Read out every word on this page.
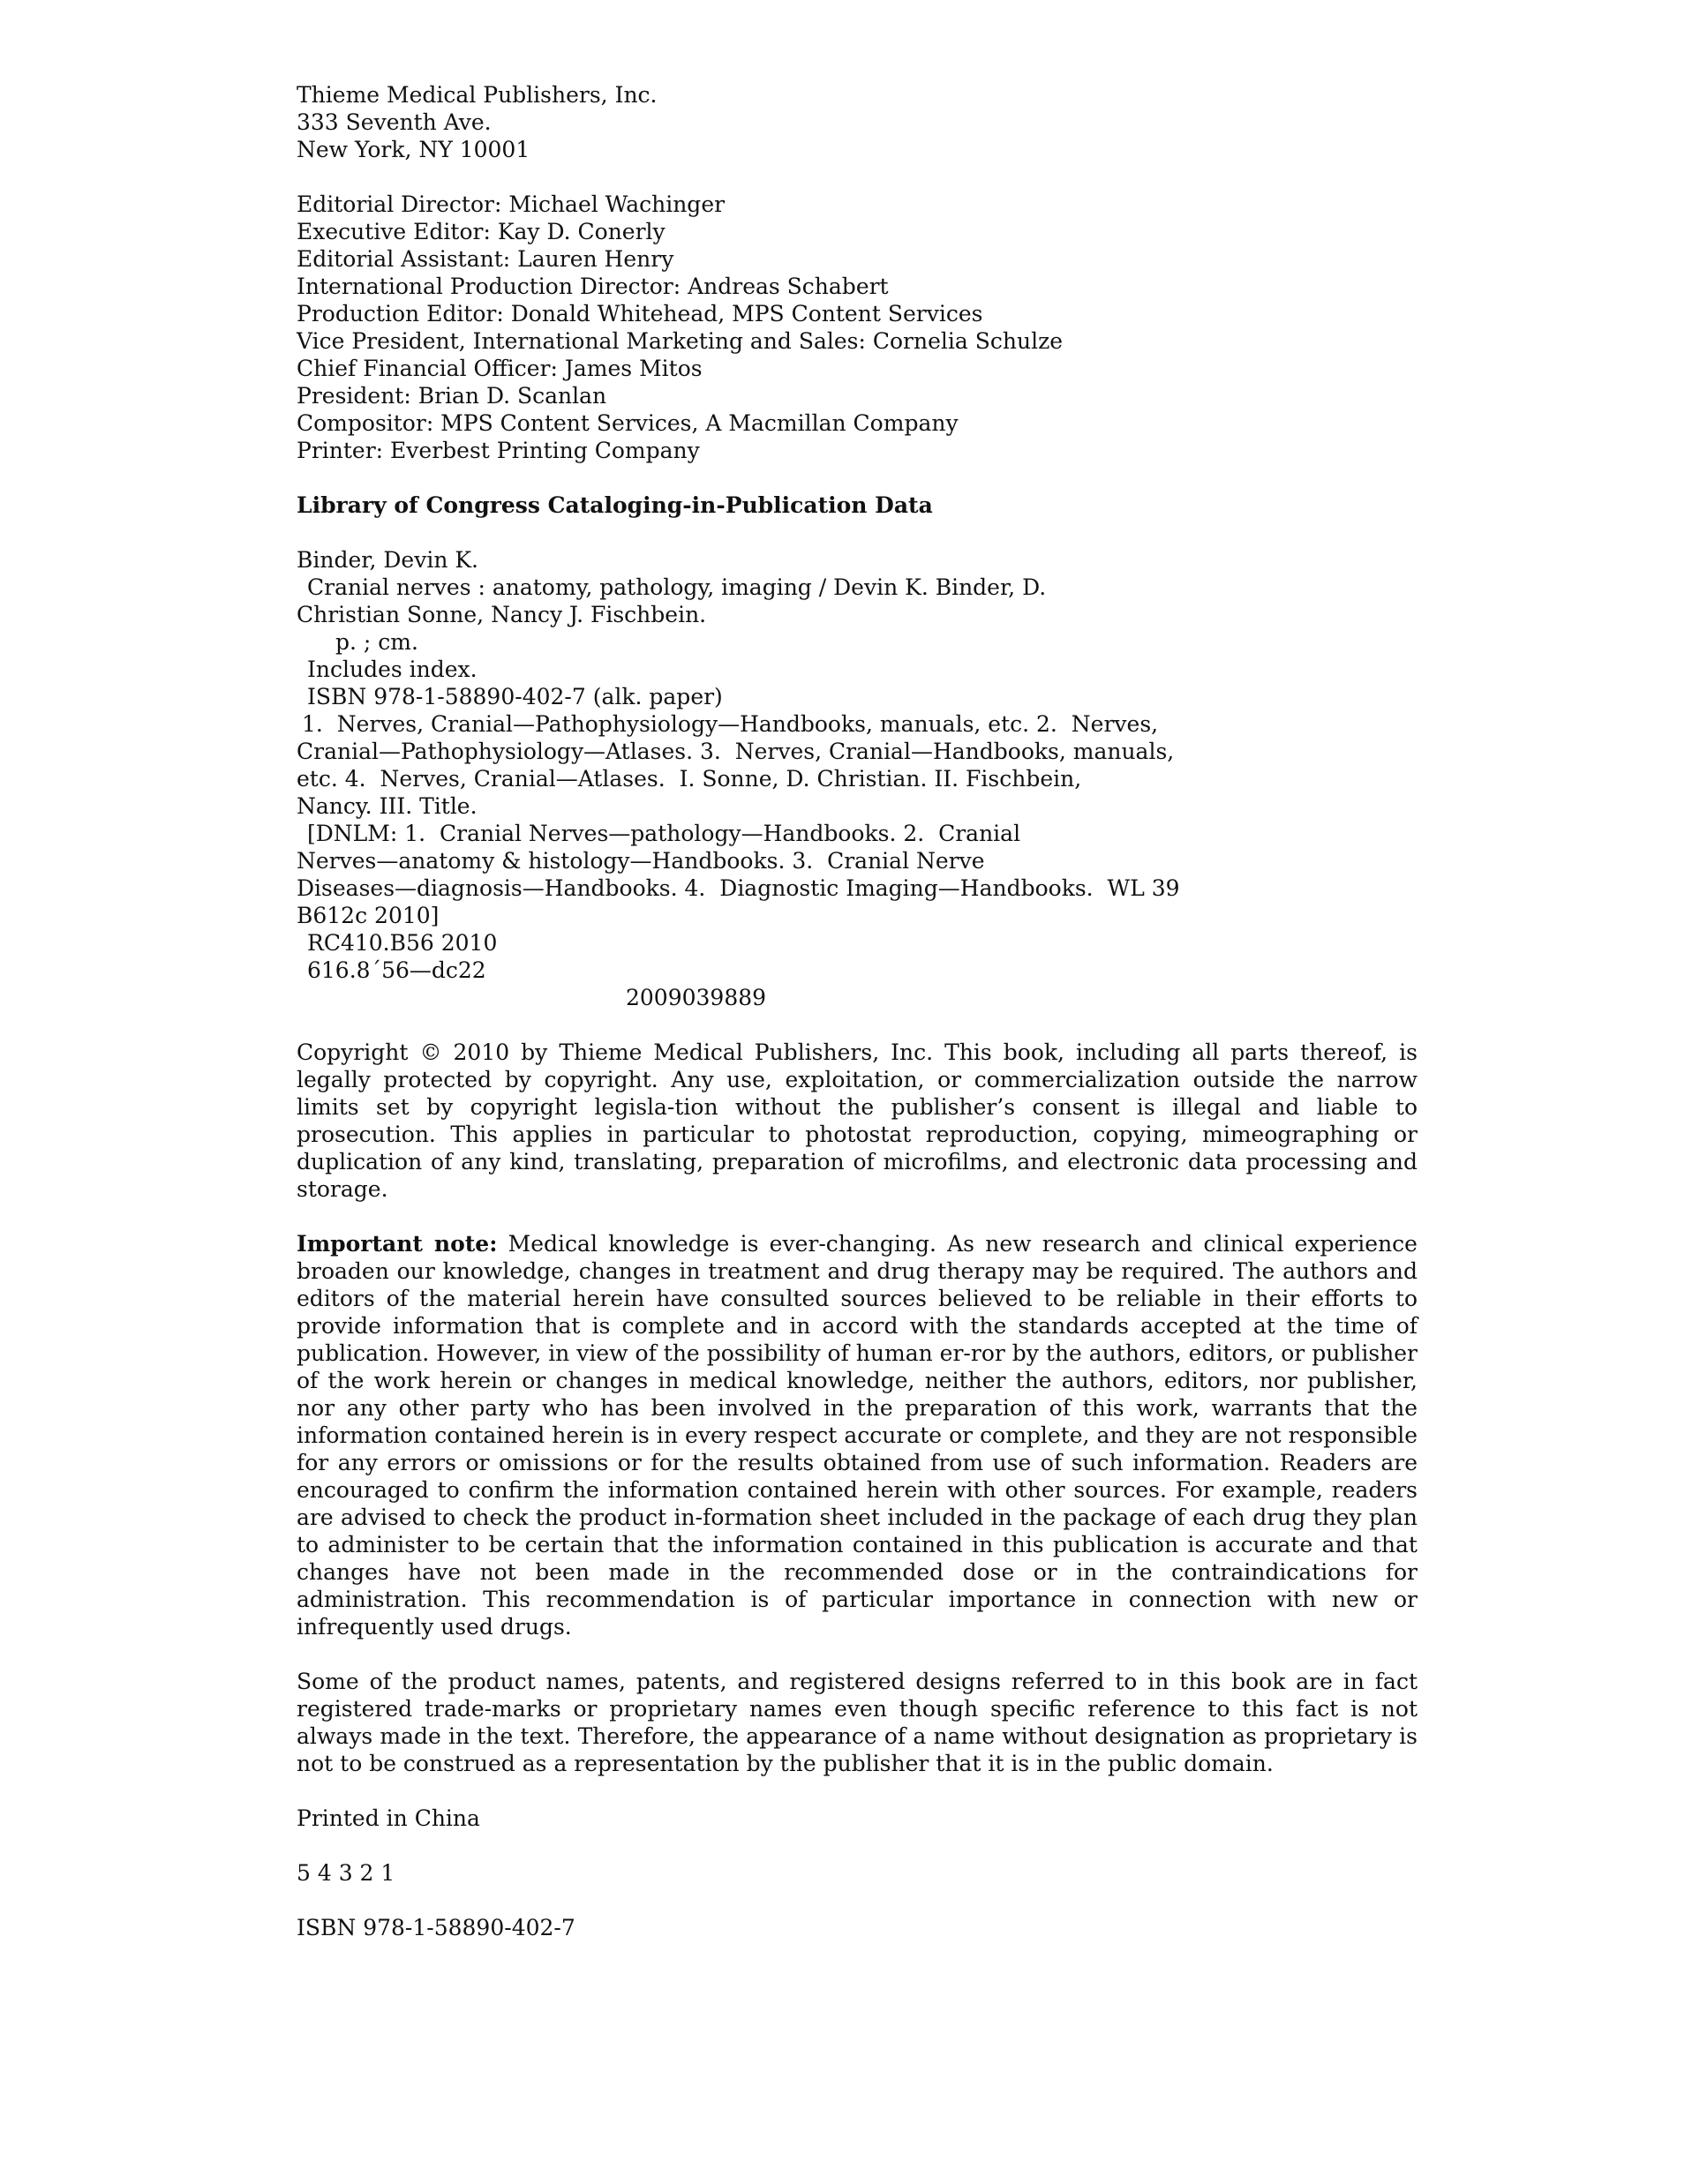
Thieme Medical Publishers, Inc.
333 Seventh Ave.
New York, NY 10001
Editorial Director: Michael Wachinger
Executive Editor: Kay D. Conerly
Editorial Assistant: Lauren Henry
International Production Director: Andreas Schabert
Production Editor: Donald Whitehead, MPS Content Services
Vice President, International Marketing and Sales: Cornelia Schulze
Chief Financial Officer: James Mitos
President: Brian D. Scanlan
Compositor: MPS Content Services, A Macmillan Company
Printer: Everbest Printing Company
Library of Congress Cataloging-in-Publication Data
Binder, Devin K.
Cranial nerves : anatomy, pathology, imaging / Devin K. Binder, D.
Christian Sonne, Nancy J. Fischbein.
p. ; cm.
Includes index.
ISBN 978-1-58890-402-7 (alk. paper)
1.  Nerves, Cranial—Pathophysiology—Handbooks, manuals, etc. 2.  Nerves,
Cranial—Pathophysiology—Atlases. 3.  Nerves, Cranial—Handbooks, manuals,
etc. 4.  Nerves, Cranial—Atlases.  I. Sonne, D. Christian. II. Fischbein,
Nancy. III. Title.
[DNLM: 1.  Cranial Nerves—pathology—Handbooks. 2.  Cranial
Nerves—anatomy & histology—Handbooks. 3.  Cranial Nerve
Diseases—diagnosis—Handbooks. 4.  Diagnostic Imaging—Handbooks.  WL 39
B612c 2010]
RC410.B56 2010
616.8´56—dc22
2009039889
Copyright © 2010 by Thieme Medical Publishers, Inc. This book, including all parts thereof, is legally protected by copyright. Any use, exploitation, or commercialization outside the narrow limits set by copyright legisla-tion without the publisher’s consent is illegal and liable to prosecution. This applies in particular to photostat reproduction, copying, mimeographing or duplication of any kind, translating, preparation of microfilms, and electronic data processing and storage.
Important note: Medical knowledge is ever-changing. As new research and clinical experience broaden our knowledge, changes in treatment and drug therapy may be required. The authors and editors of the material herein have consulted sources believed to be reliable in their efforts to provide information that is complete and in accord with the standards accepted at the time of publication. However, in view of the possibility of human er-ror by the authors, editors, or publisher of the work herein or changes in medical knowledge, neither the authors, editors, nor publisher, nor any other party who has been involved in the preparation of this work, warrants that the information contained herein is in every respect accurate or complete, and they are not responsible for any errors or omissions or for the results obtained from use of such information. Readers are encouraged to confirm the information contained herein with other sources. For example, readers are advised to check the product in-formation sheet included in the package of each drug they plan to administer to be certain that the information contained in this publication is accurate and that changes have not been made in the recommended dose or in the contraindications for administration. This recommendation is of particular importance in connection with new or infrequently used drugs.
Some of the product names, patents, and registered designs referred to in this book are in fact registered trade-marks or proprietary names even though specific reference to this fact is not always made in the text. Therefore, the appearance of a name without designation as proprietary is not to be construed as a representation by the publisher that it is in the public domain.
Printed in China
5 4 3 2 1
ISBN 978-1-58890-402-7
